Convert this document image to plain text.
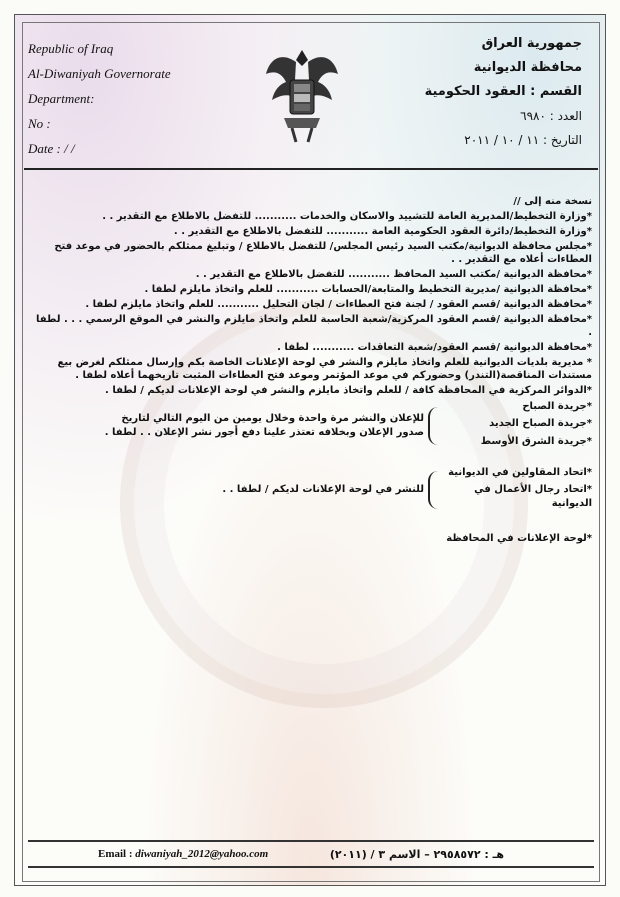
Republic of Iraq
Al-Diwaniyah Governorate
Department:
No :
Date : / /
جمهورية العراق
محافظة الديوانية
القسم : العقود الحكومية
العدد : ٦٩٨٠
التاريخ : ١١ / ١٠ / ٢٠١١

نسخة منه إلى //

*وزارة التخطيط/المديرية العامة للتشييد والاسكان والخدمات ........... للتفضل بالاطلاع مع التقدير . .

*وزارة التخطيط/دائرة العقود الحكومية العامة ........... للتفضل بالاطلاع مع التقدير . .

*مجلس محافظة الديوانية/مكتب السيد رئيس المجلس/ للتفضل بالاطلاع / وتبليغ ممثلكم بالحضور في موعد فتح العطاءات أعلاه مع التقدير . .

*محافظة الديوانية /مكتب السيد المحافظ ........... للتفضل بالاطلاع مع التقدير . .

*محافظة الديوانية /مديرية التخطيط والمتابعة/الحسابات ........... للعلم واتخاذ مايلزم لطفا .

*محافظة الديوانية /قسم العقود / لجنة فتح العطاءات / لجان التحليل ........... للعلم واتخاذ مايلزم لطفا .

*محافظة الديوانية /قسم العقود المركزية/شعبة الحاسبة للعلم واتخاذ مايلزم والنشر في الموقع الرسمي . . . لطفا .

*محافظة الديوانية /قسم العقود/شعبة التعاقدات ........... لطفا .

* مديرية بلديات الديوانية للعلم واتخاذ مايلزم والنشر في لوحة الإعلانات الخاصة بكم وإرسال ممثلكم لغرض بيع مستندات المناقصة(التندر) وحضوركم في موعد المؤتمر وموعد فتح العطاءات المثبت تاريخهما أعلاه لطفا .

*الدوائر المركزية في المحافظة كافة / للعلم واتخاذ مايلزم والنشر في لوحة الإعلانات لديكم / لطفا .

*جريدة الصباح

*جريدة الصباح الجديد

*جريدة الشرق الأوسط

للإعلان والنشر مرة واحدة وخلال يومين من اليوم التالي لتاريخ صدور الإعلان وبخلافه تعتذر علينا دفع أجور نشر الإعلان . . لطفا .

*اتحاد المقاولين في الديوانية

*اتحاد رجال الأعمال في الديوانية

للنشر في لوحة الإعلانات لديكم / لطفا . .

*لوحة الإعلانات في المحافظة

Email : diwaniyah_2012@yahoo.com	هـ : ٢٩٥٨٥٧٢ – الاسم ٣ / (٢٠١١)
